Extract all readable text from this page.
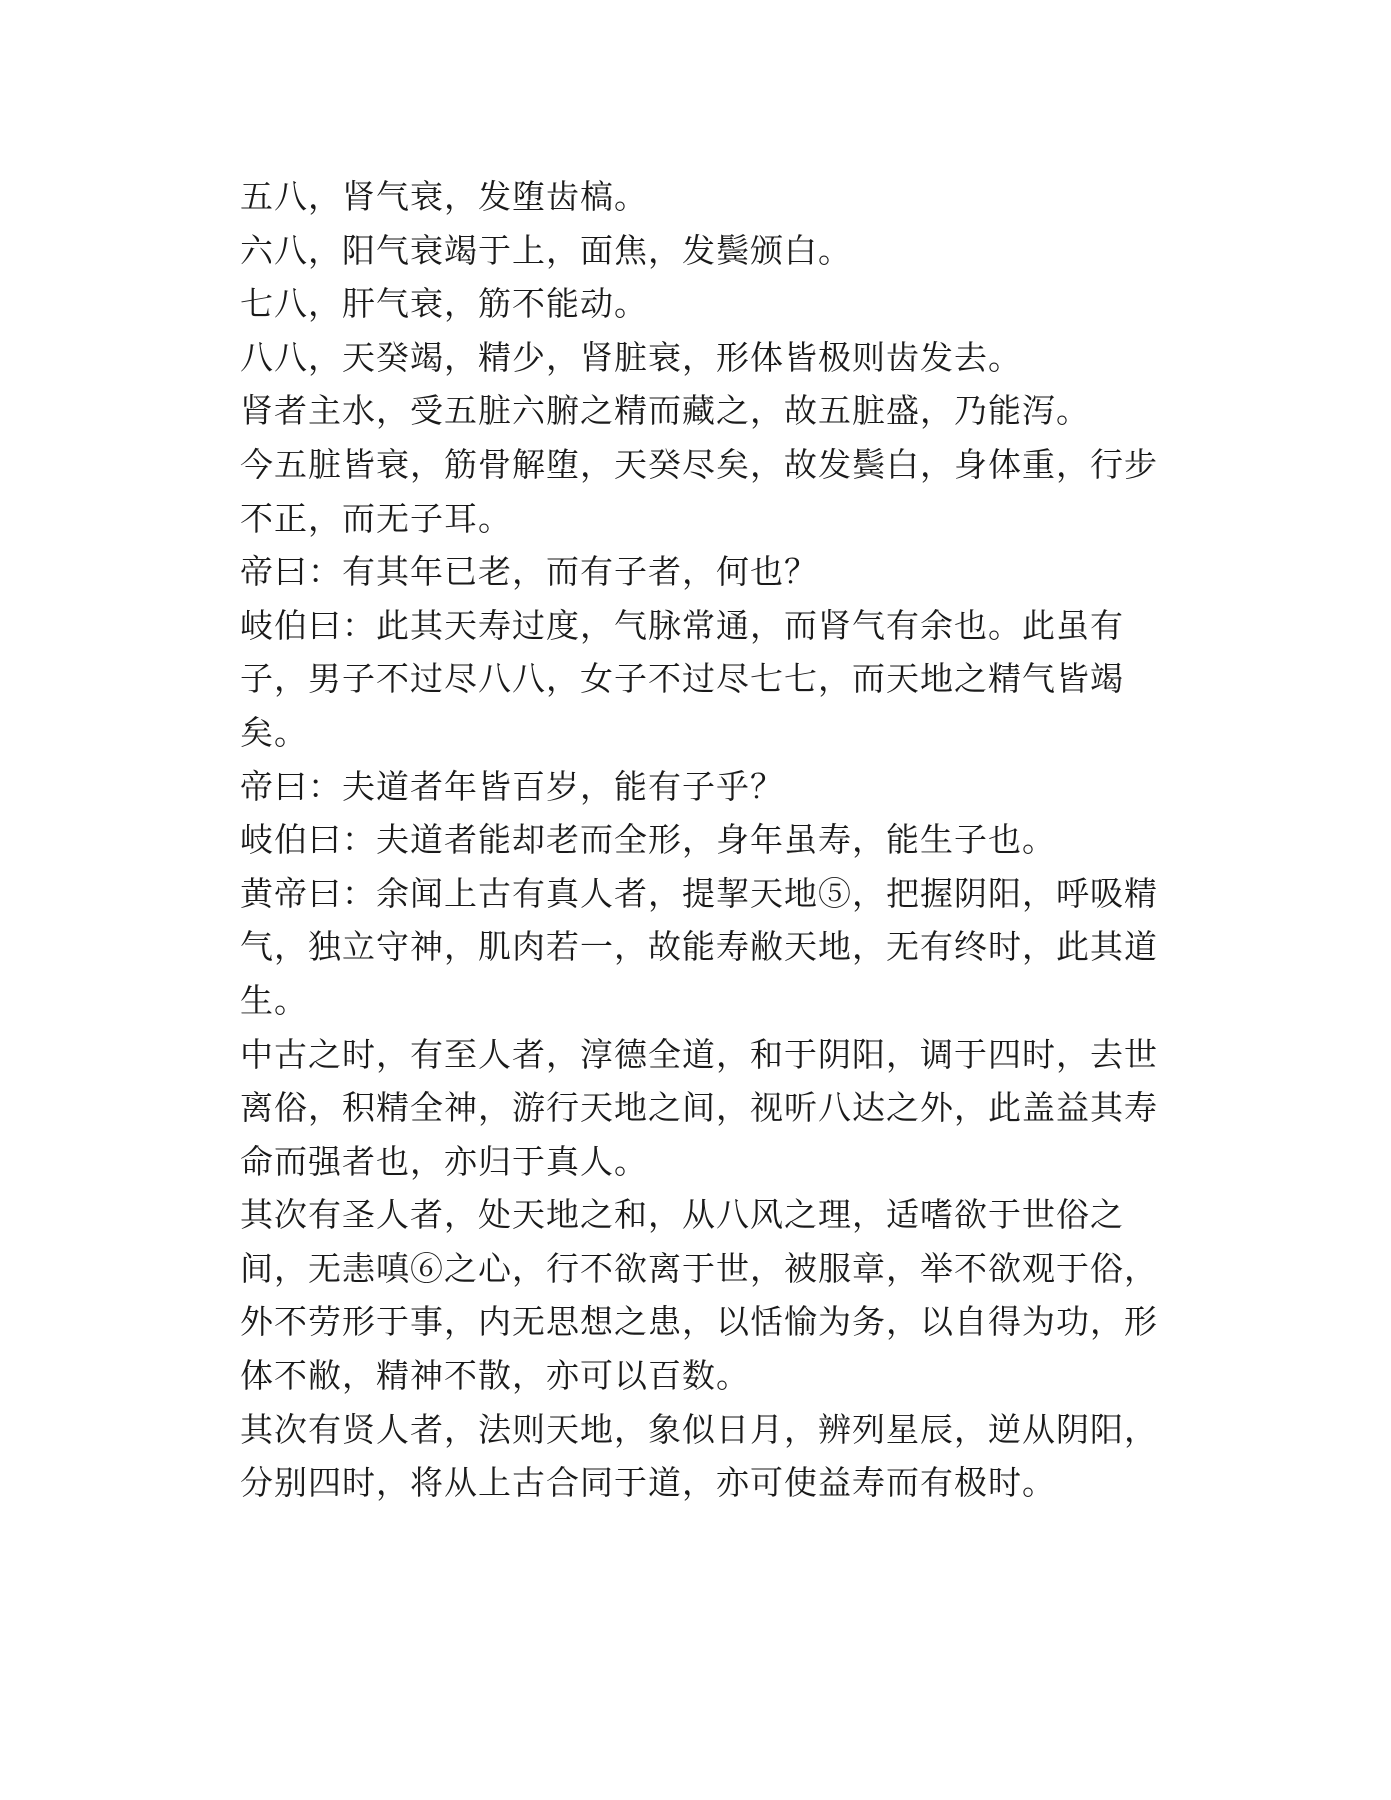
五八，肾气衰，发堕齿槁。

六八，阳气衰竭于上，面焦，发鬓颁白。

七八，肝气衰，筋不能动。

八八，天癸竭，精少，肾脏衰，形体皆极则齿发去。

肾者主水，受五脏六腑之精而藏之，故五脏盛，乃能泻。

今五脏皆衰，筋骨解堕，天癸尽矣，故发鬓白，身体重，行步不正，而无子耳。

帝曰：有其年已老，而有子者，何也？

岐伯曰：此其天寿过度，气脉常通，而肾气有余也。此虽有子，男子不过尽八八，女子不过尽七七，而天地之精气皆竭矣。

帝曰：夫道者年皆百岁，能有子乎？

岐伯曰：夫道者能却老而全形，身年虽寿，能生子也。

黄帝曰：余闻上古有真人者，提挈天地⑤，把握阴阳，呼吸精气，独立守神，肌肉若一，故能寿敝天地，无有终时，此其道生。

中古之时，有至人者，淳德全道，和于阴阳，调于四时，去世离俗，积精全神，游行天地之间，视听八达之外，此盖益其寿命而强者也，亦归于真人。

其次有圣人者，处天地之和，从八风之理，适嗜欲于世俗之间，无恚嗔⑥之心，行不欲离于世，被服章，举不欲观于俗，外不劳形于事，内无思想之患，以恬愉为务，以自得为功，形体不敝，精神不散，亦可以百数。

其次有贤人者，法则天地，象似日月，辨列星辰，逆从阴阳，分别四时，将从上古合同于道，亦可使益寿而有极时。
